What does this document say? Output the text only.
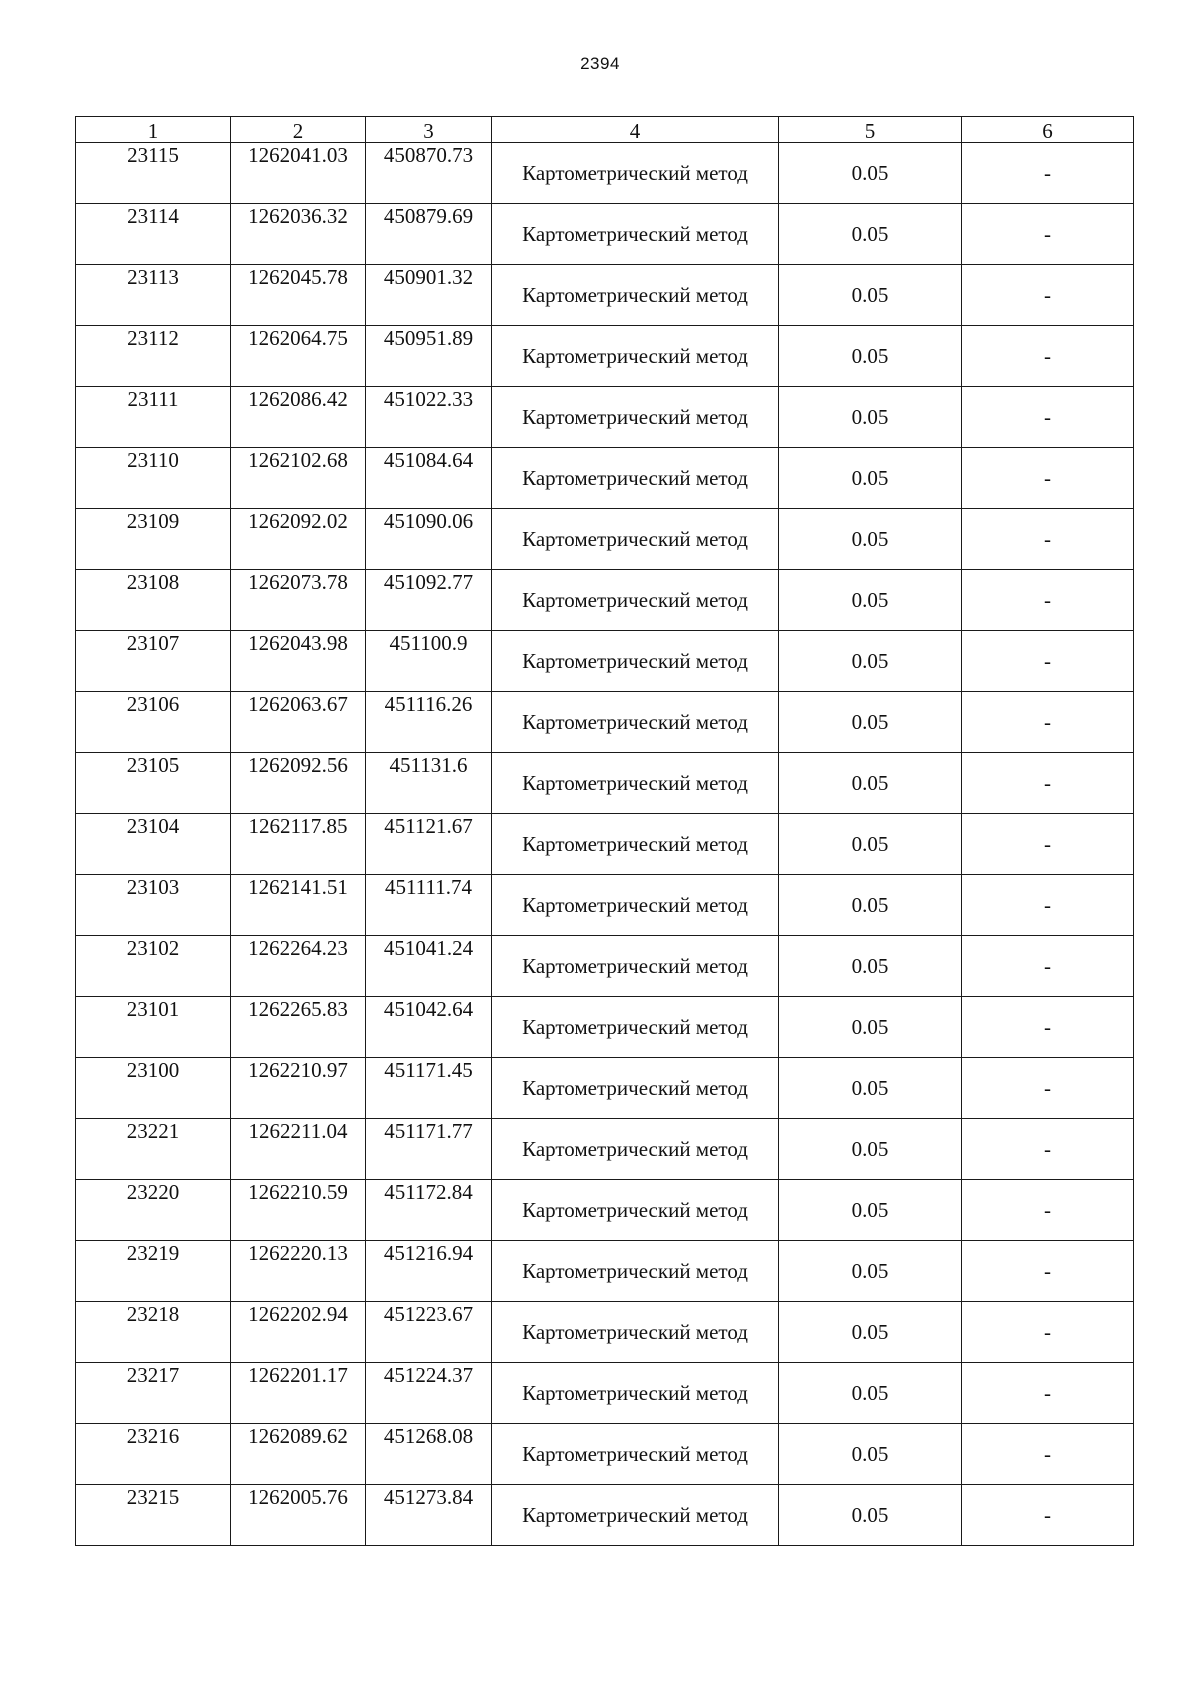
2394
1	2	3	4	5	6
23115	1262041.03	450870.73	Картометрический метод	0.05	-
23114	1262036.32	450879.69	Картометрический метод	0.05	-
23113	1262045.78	450901.32	Картометрический метод	0.05	-
23112	1262064.75	450951.89	Картометрический метод	0.05	-
23111	1262086.42	451022.33	Картометрический метод	0.05	-
23110	1262102.68	451084.64	Картометрический метод	0.05	-
23109	1262092.02	451090.06	Картометрический метод	0.05	-
23108	1262073.78	451092.77	Картометрический метод	0.05	-
23107	1262043.98	451100.9	Картометрический метод	0.05	-
23106	1262063.67	451116.26	Картометрический метод	0.05	-
23105	1262092.56	451131.6	Картометрический метод	0.05	-
23104	1262117.85	451121.67	Картометрический метод	0.05	-
23103	1262141.51	451111.74	Картометрический метод	0.05	-
23102	1262264.23	451041.24	Картометрический метод	0.05	-
23101	1262265.83	451042.64	Картометрический метод	0.05	-
23100	1262210.97	451171.45	Картометрический метод	0.05	-
23221	1262211.04	451171.77	Картометрический метод	0.05	-
23220	1262210.59	451172.84	Картометрический метод	0.05	-
23219	1262220.13	451216.94	Картометрический метод	0.05	-
23218	1262202.94	451223.67	Картометрический метод	0.05	-
23217	1262201.17	451224.37	Картометрический метод	0.05	-
23216	1262089.62	451268.08	Картометрический метод	0.05	-
23215	1262005.76	451273.84	Картометрический метод	0.05	-
